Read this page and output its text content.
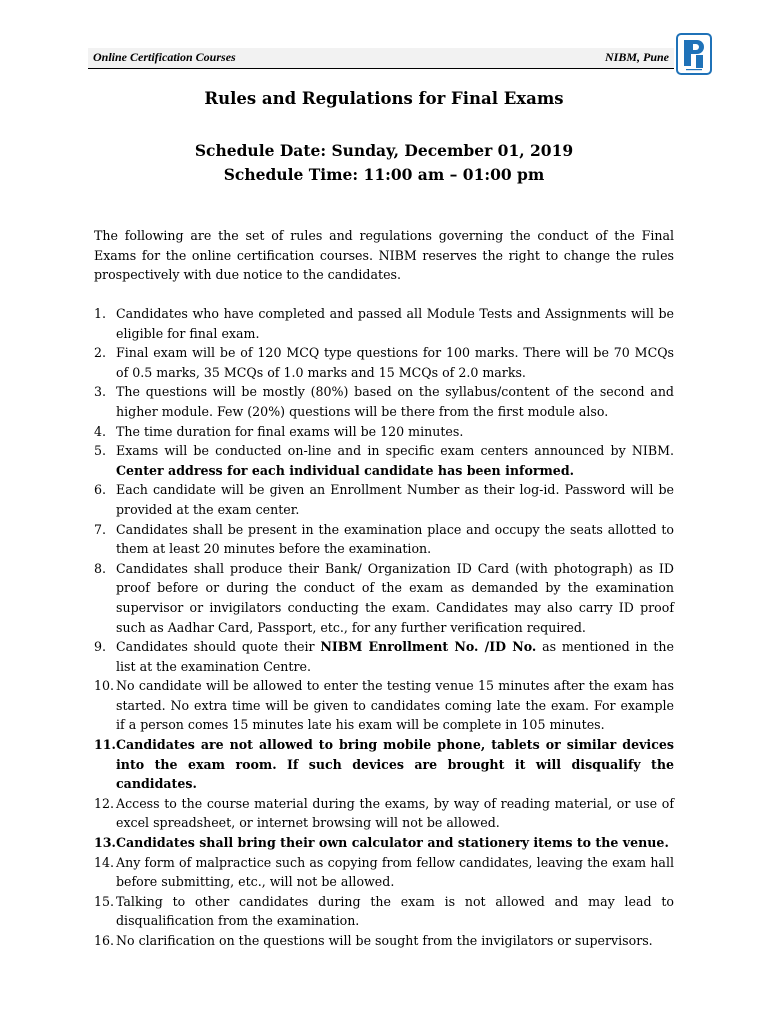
Online Certification Courses	NIBM, Pune
Rules and Regulations for Final Exams

Schedule Date: Sunday, December 01, 2019

Schedule Time: 11:00 am – 01:00 pm

The following are the set of rules and regulations governing the conduct of the Final Exams for the online certification courses. NIBM reserves the right to change the rules prospectively with due notice to the candidates.

1. Candidates who have completed and passed all Module Tests and Assignments will be eligible for final exam.
2. Final exam will be of 120 MCQ type questions for 100 marks. There will be 70 MCQs of 0.5 marks, 35 MCQs of 1.0 marks and 15 MCQs of 2.0 marks.
3. The questions will be mostly (80%) based on the syllabus/content of the second and higher module. Few (20%) questions will be there from the first module also.
4. The time duration for final exams will be 120 minutes.
5. Exams will be conducted on-line and in specific exam centers announced by NIBM. Center address for each individual candidate has been informed.
6. Each candidate will be given an Enrollment Number as their log-id. Password will be provided at the exam center.
7. Candidates shall be present in the examination place and occupy the seats allotted to them at least 20 minutes before the examination.
8. Candidates shall produce their Bank/ Organization ID Card (with photograph) as ID proof before or during the conduct of the exam as demanded by the examination supervisor or invigilators conducting the exam. Candidates may also carry ID proof such as Aadhar Card, Passport, etc., for any further verification required.
9. Candidates should quote their NIBM Enrollment No. /ID No. as mentioned in the list at the examination Centre.
10. No candidate will be allowed to enter the testing venue 15 minutes after the exam has started. No extra time will be given to candidates coming late the exam. For example if a person comes 15 minutes late his exam will be complete in 105 minutes.
11. Candidates are not allowed to bring mobile phone, tablets or similar devices into the exam room. If such devices are brought it will disqualify the candidates.
12. Access to the course material during the exams, by way of reading material, or use of excel spreadsheet, or internet browsing will not be allowed.
13. Candidates shall bring their own calculator and stationery items to the venue.
14. Any form of malpractice such as copying from fellow candidates, leaving the exam hall before submitting, etc., will not be allowed.
15. Talking to other candidates during the exam is not allowed and may lead to disqualification from the examination.
16. No clarification on the questions will be sought from the invigilators or supervisors.
